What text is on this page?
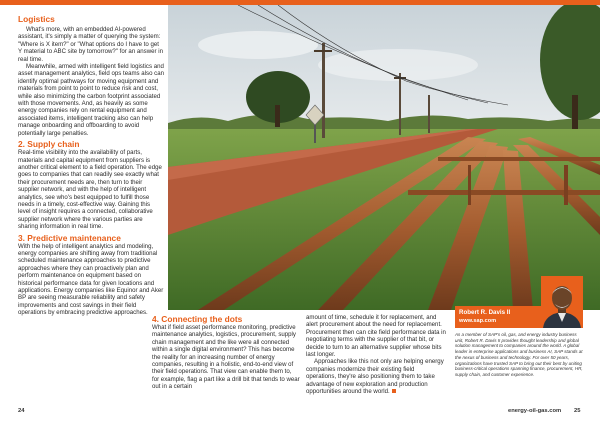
Logistics

What's more, with an embedded AI-powered assistant, it's simply a matter of querying the system: "Where is X item?" or "What options do I have to get Y material to ABC site by tomorrow?" for an answer in real time.

Meanwhile, armed with intelligent field logistics and asset management analytics, field ops teams also can identify optimal pathways for moving equipment and materials from point to point to reduce risk and cost, while also minimizing the carbon footprint associated with those movements. And, as heavily as some energy companies rely on rental equipment and associated items, intelligent tracking also can help manage onboarding and offboarding to avoid potentially large penalties.

2. Supply chain

Real-time visibility into the availability of parts, materials and capital equipment from suppliers is another critical element to a field operation. The edge goes to companies that can readily see exactly what their procurement needs are, then turn to their supplier network, and with the help of intelligent analytics, see who's best equipped to fulfill those needs in a timely, cost-effective way. Gaining this level of insight requires a connected, collaborative supplier network where the various parties are sharing information in real time.

3. Predictive maintenance

With the help of intelligent analytics and modeling, energy companies are shifting away from traditional scheduled maintenance approaches to predictive approaches where they can proactively plan and perform maintenance on equipment based on historical performance data for given locations and applications. Energy companies like Equinor and Aker BP are seeing measurable reliability and safety improvements and cost savings in their field operations by embracing predictive approaches.

4. Connecting the dots

What if field asset performance monitoring, predictive maintenance analytics, logistics, procurement, supply chain management and the like were all connected within a single digital environment? This has become the reality for an increasing number of energy companies, resulting in a holistic, end-to-end view of their field operations. That view can enable them to, for example, flag a part like a drill bit that tends to wear out in a certain

amount of time, schedule it for replacement, and alert procurement about the need for replacement. Procurement then can cite field performance data in negotiating terms with the supplier of that bit, or decide to turn to an alternative supplier whose bits last longer.

Approaches like this not only are helping energy companies modernize their existing field operations, they're also positioning them to take advantage of new exploration and production opportunities around the world.

Robert R. Davis II
www.sap.com
As a member of SAP's oil, gas, and energy industry business unit, Robert R. Davis II provides thought leadership and global solution management to companies around the world. A global leader in enterprise applications and business AI, SAP stands at the nexus of business and technology. For over 50 years, organizations have trusted SAP to bring out their best by uniting business-critical operations spanning finance, procurement, HR, supply chain, and customer experience.
24	energy-oil-gas.com 25
